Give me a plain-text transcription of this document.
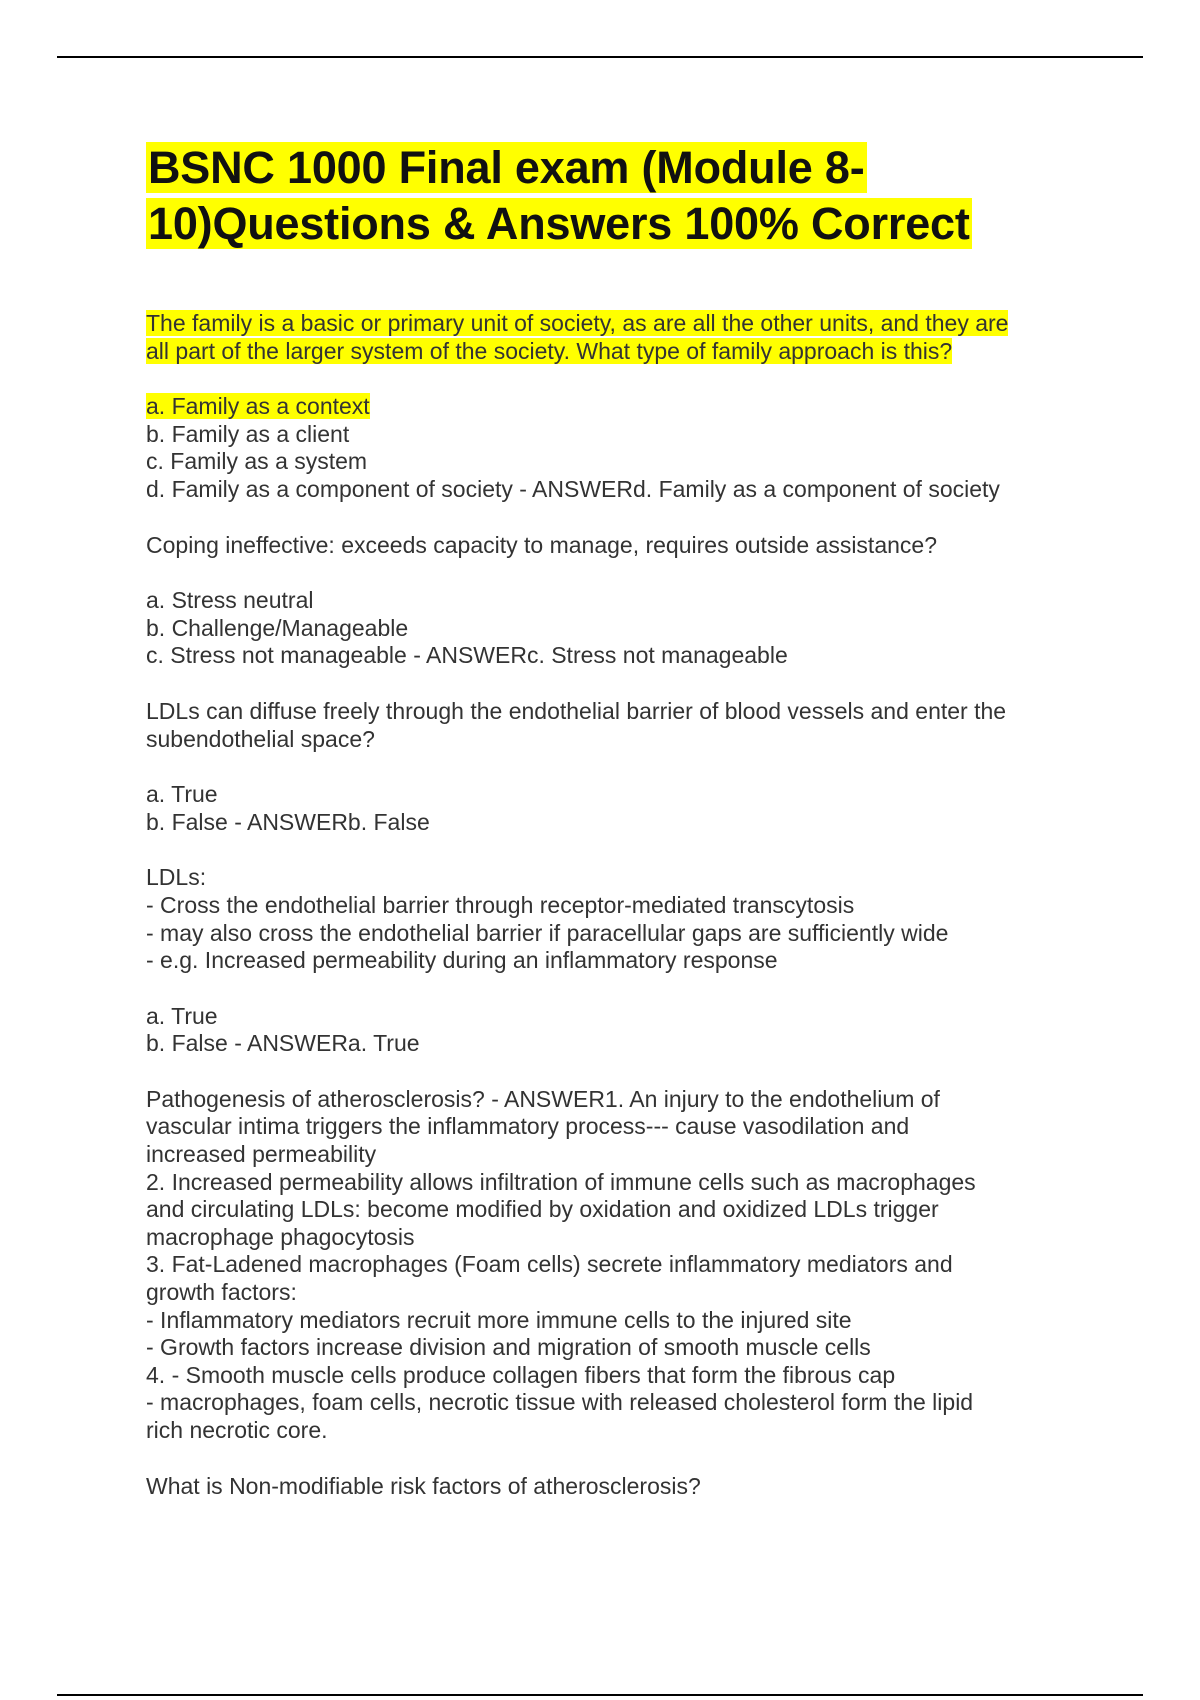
BSNC 1000 Final exam (Module 8-
10)Questions & Answers 100% Correct
The family is a basic or primary unit of society, as are all the other units, and they are
all part of the larger system of the society. What type of family approach is this?
a. Family as a context
b. Family as a client
c. Family as a system
d. Family as a component of society - ANSWERd. Family as a component of society
Coping ineffective: exceeds capacity to manage, requires outside assistance?
a. Stress neutral
b. Challenge/Manageable
c. Stress not manageable - ANSWERc. Stress not manageable
LDLs can diffuse freely through the endothelial barrier of blood vessels and enter the
subendothelial space?
a. True
b. False - ANSWERb. False
LDLs:
- Cross the endothelial barrier through receptor-mediated transcytosis
- may also cross the endothelial barrier if paracellular gaps are sufficiently wide
- e.g. Increased permeability during an inflammatory response
a. True
b. False - ANSWERa. True
Pathogenesis of atherosclerosis? - ANSWER1. An injury to the endothelium of
vascular intima triggers the inflammatory process--- cause vasodilation and
increased permeability
2. Increased permeability allows infiltration of immune cells such as macrophages
and circulating LDLs: become modified by oxidation and oxidized LDLs trigger
macrophage phagocytosis
3. Fat-Ladened macrophages (Foam cells) secrete inflammatory mediators and
growth factors:
- Inflammatory mediators recruit more immune cells to the injured site
- Growth factors increase division and migration of smooth muscle cells
4. - Smooth muscle cells produce collagen fibers that form the fibrous cap
- macrophages, foam cells, necrotic tissue with released cholesterol form the lipid
rich necrotic core.
What is Non-modifiable risk factors of atherosclerosis?
